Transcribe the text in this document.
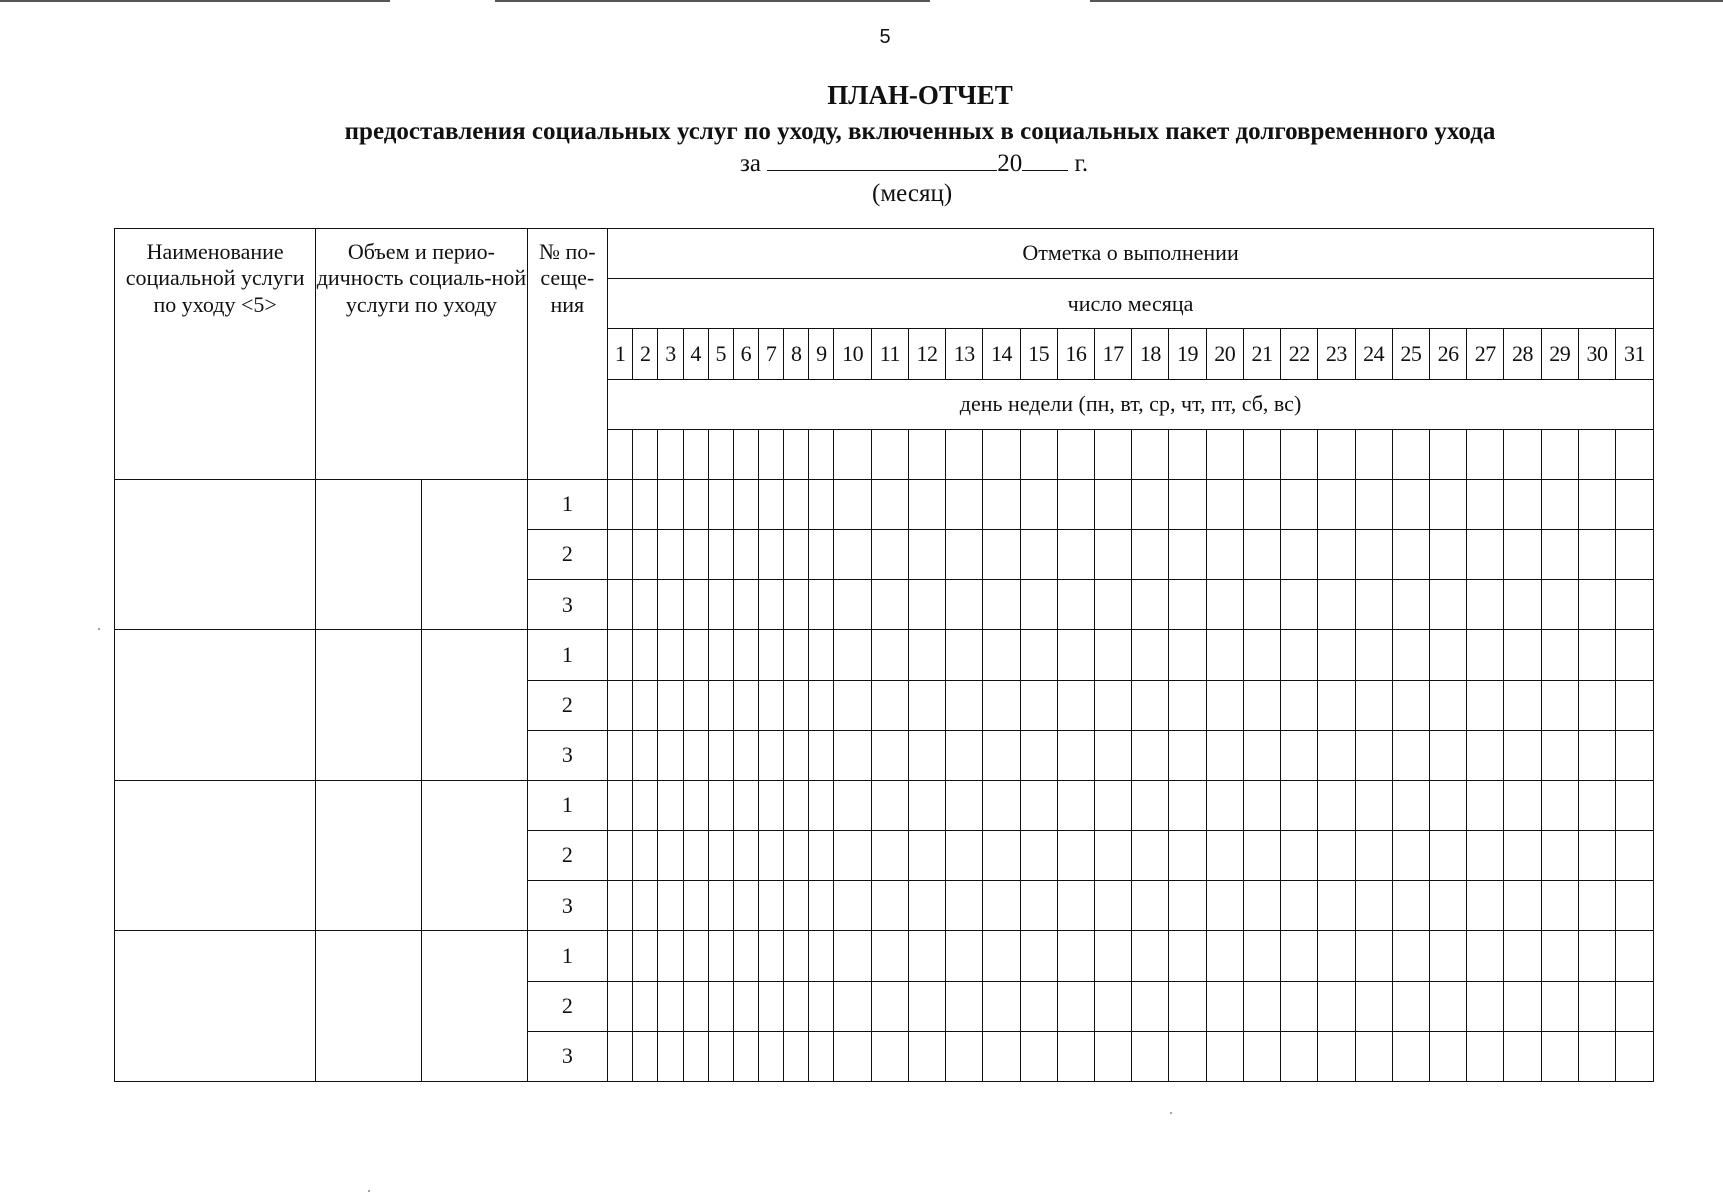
5
ПЛАН-ОТЧЕТ
предоставления социальных услуг по уходу, включенных в социальных пакет долговременного ухода
за	20 г.
(месяц)
Наименование социальной услуги по уходу <5>	Объем и перио-дичность социаль-ной услуги по уходу		№ по-сеще-ния	Отметка о выполнении																														
				число месяца																														
				1	2	3	4	5	6	7	8	9	10	11	12	13	14	15	16	17	18	19	20	21	22	23	24	25	26	27	28	29	30	31
				день недели (пн, вт, ср, чт, пт, сб, вс)																														

			1																															
			2																															
			3																															
			1																															
			2																															
			3																															
			1																															
			2																															
			3																															
			1																															
			2																															
			3																															
